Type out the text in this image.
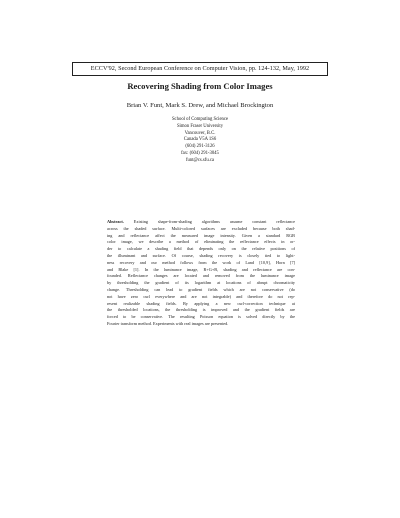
ECCV'92, Second European Conference on Computer Vision, pp. 124-132, May, 1992
Recovering Shading from Color Images
Brian V. Funt, Mark S. Drew, and Michael Brockington
School of Computing Science
Simon Fraser University
Vancouver, B.C.
Canada V5A 1S6
(604) 291-3126
fax: (604) 291-3045
funt@cs.sfu.ca
Abstract. Existing shape-from-shading algorithms assume constant reflectance
across the shaded surface. Multi-colored surfaces are excluded because both shad-
ing and reflectance affect the measured image intensity. Given a standard RGB
color image, we describe a method of eliminating the reflectance effects in or-
der to calculate a shading field that depends only on the relative positions of
the illuminant and surface. Of course, shading recovery is closely tied to light-
ness recovery and our method follows from the work of Land [10,9], Horn [7]
and Blake [1]. In the luminance image, R+G+B, shading and reflectance are con-
founded. Reflectance changes are located and removed from the luminance image
by thresholding the gradient of its logarithm at locations of abrupt chromaticity
change. Thresholding can lead to gradient fields which are not conservative (do
not have zero curl everywhere and are not integrable) and therefore do not rep-
resent realizable shading fields. By applying a new curl-correction technique at
the thresholded locations, the thresholding is improved and the gradient fields are
forced to be conservative. The resulting Poisson equation is solved directly by the
Fourier transform method. Experiments with real images are presented.
